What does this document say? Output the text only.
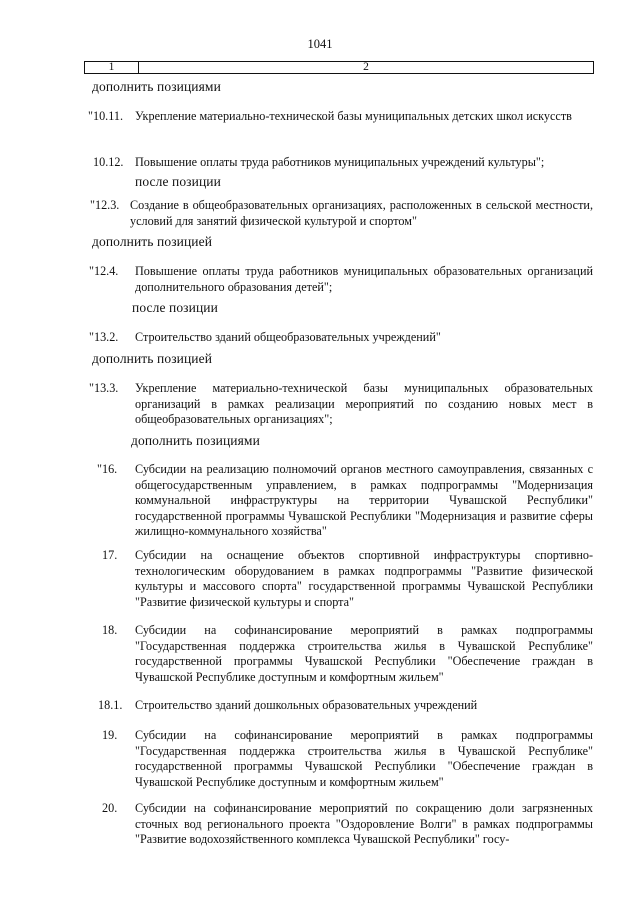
1041
1	2
дополнить позициями
"10.11. Укрепление материально-технической базы муниципальных детских школ искусств
10.12. Повышение оплаты труда работников муниципальных учреждений культуры";
после позиции
"12.3. Создание в общеобразовательных организациях, расположенных в сельской местности, условий для занятий физической культурой и спортом"
дополнить позицией
"12.4. Повышение оплаты труда работников муниципальных образовательных организаций дополнительного образования детей";
после позиции
"13.2. Строительство зданий общеобразовательных учреждений"
дополнить позицией
"13.3. Укрепление материально-технической базы муниципальных образовательных организаций в рамках реализации мероприятий по созданию новых мест в общеобразовательных организациях";
дополнить позициями
"16. Субсидии на реализацию полномочий органов местного самоуправления, связанных с общегосударственным управлением, в рамках подпрограммы "Модернизация коммунальной инфраструктуры на территории Чувашской Республики" государственной программы Чувашской Республики "Модернизация и развитие сферы жилищно-коммунального хозяйства"
17. Субсидии на оснащение объектов спортивной инфраструктуры спортивно-технологическим оборудованием в рамках подпрограммы "Развитие физической культуры и массового спорта" государственной программы Чувашской Республики "Развитие физической культуры и спорта"
18. Субсидии на софинансирование мероприятий в рамках подпрограммы "Государственная поддержка строительства жилья в Чувашской Республике" государственной программы Чувашской Республики "Обеспечение граждан в Чувашской Республике доступным и комфортным жильем"
18.1. Строительство зданий дошкольных образовательных учреждений
19. Субсидии на софинансирование мероприятий в рамках подпрограммы "Государственная поддержка строительства жилья в Чувашской Республике" государственной программы Чувашской Республики "Обеспечение граждан в Чувашской Республике доступным и комфортным жильем"
20. Субсидии на софинансирование мероприятий по сокращению доли загрязненных сточных вод регионального проекта "Оздоровление Волги" в рамках подпрограммы "Развитие водохозяйственного комплекса Чувашской Республики" госу-
